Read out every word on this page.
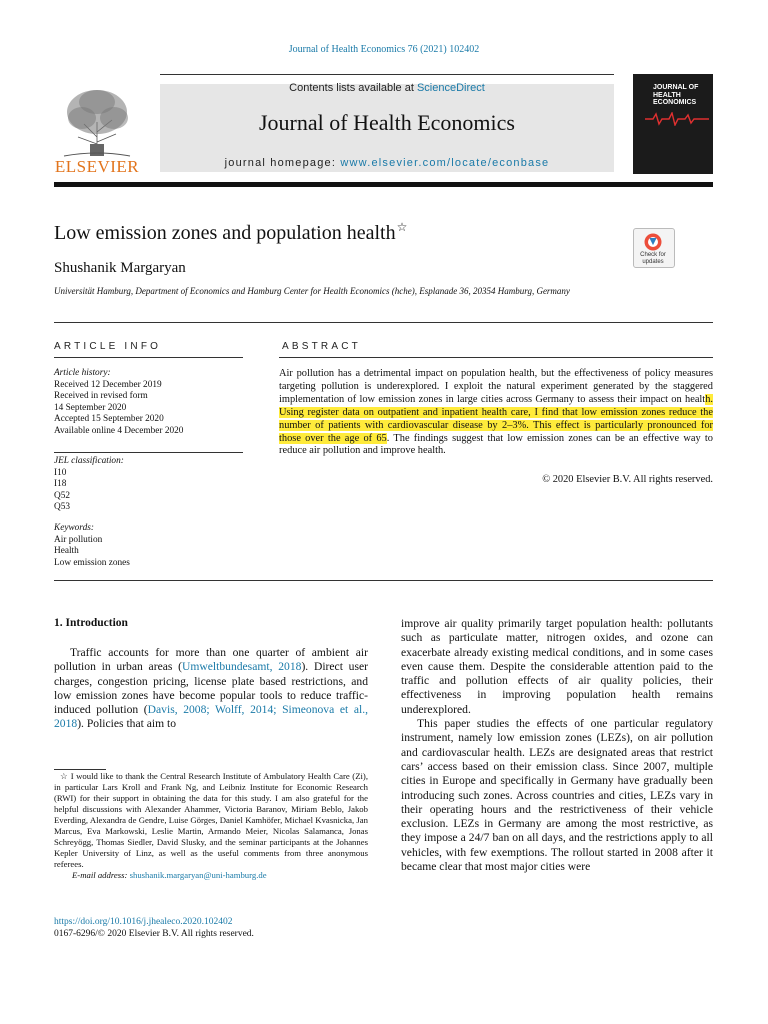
Journal of Health Economics 76 (2021) 102402
ELSEVIER
Contents lists available at ScienceDirect
Journal of Health Economics
journal homepage: www.elsevier.com/locate/econbase
JOURNAL OF HEALTH ECONOMICS
Low emission zones and population health☆
Check for updates
Shushanik Margaryan
Universität Hamburg, Department of Economics and Hamburg Center for Health Economics (hche), Esplanade 36, 20354 Hamburg, Germany
ARTICLE INFO
Article history:
Received 12 December 2019
Received in revised form
14 September 2020
Accepted 15 September 2020
Available online 4 December 2020
JEL classification:
I10
I18
Q52
Q53
Keywords:
Air pollution
Health
Low emission zones
ABSTRACT
Air pollution has a detrimental impact on population health, but the effectiveness of policy measures targeting pollution is underexplored. I exploit the natural experiment generated by the staggered implementation of low emission zones in large cities across Germany to assess their impact on health. Using register data on outpatient and inpatient health care, I find that low emission zones reduce the number of patients with cardiovascular disease by 2–3%. This effect is particularly pronounced for those over the age of 65. The findings suggest that low emission zones can be an effective way to reduce air pollution and improve health.
© 2020 Elsevier B.V. All rights reserved.
1. Introduction

Traffic accounts for more than one quarter of ambient air pollution in urban areas (Umweltbundesamt, 2018). Direct user charges, congestion pricing, license plate based restrictions, and low emission zones have become popular tools to reduce traffic-induced pollution (Davis, 2008; Wolff, 2014; Simeonova et al., 2018). Policies that aim to

improve air quality primarily target population health: pollutants such as particulate matter, nitrogen oxides, and ozone can exacerbate already existing medical conditions, and in some cases even cause them. Despite the considerable attention paid to the traffic and pollution effects of air quality policies, their effectiveness in improving population health remains underexplored.

This paper studies the effects of one particular regulatory instrument, namely low emission zones (LEZs), on air pollution and cardiovascular health. LEZs are designated areas that restrict cars’ access based on their emission class. Since 2007, multiple cities in Europe and specifically in Germany have gradually been introducing such zones. Across countries and cities, LEZs vary in their operating hours and the restrictiveness of their vehicle exclusion. LEZs in Germany are among the most restrictive, as they impose a 24/7 ban on all days, and the restrictions apply to all vehicles, with few exemptions. The rollout started in 2008 after it became clear that most major cities were

☆ I would like to thank the Central Research Institute of Ambulatory Health Care (Zi), in particular Lars Kroll and Frank Ng, and Leibniz Institute for Economic Research (RWI) for their support in obtaining the data for this study. I am also grateful for the helpful discussions with Alexander Ahammer, Victoria Baranov, Miriam Beblo, Jakob Everding, Alexandra de Gendre, Luise Görges, Daniel Kamhöfer, Michael Kvasnicka, Jan Marcus, Eva Markowski, Leslie Martin, Armando Meier, Nicolas Salamanca, Jonas Schreyögg, Thomas Siedler, David Slusky, and the seminar participants at the Johannes Kepler University of Linz, as well as the useful comments from three anonymous referees.

E-mail address: shushanik.margaryan@uni-hamburg.de

https://doi.org/10.1016/j.jhealeco.2020.102402
0167-6296/© 2020 Elsevier B.V. All rights reserved.
